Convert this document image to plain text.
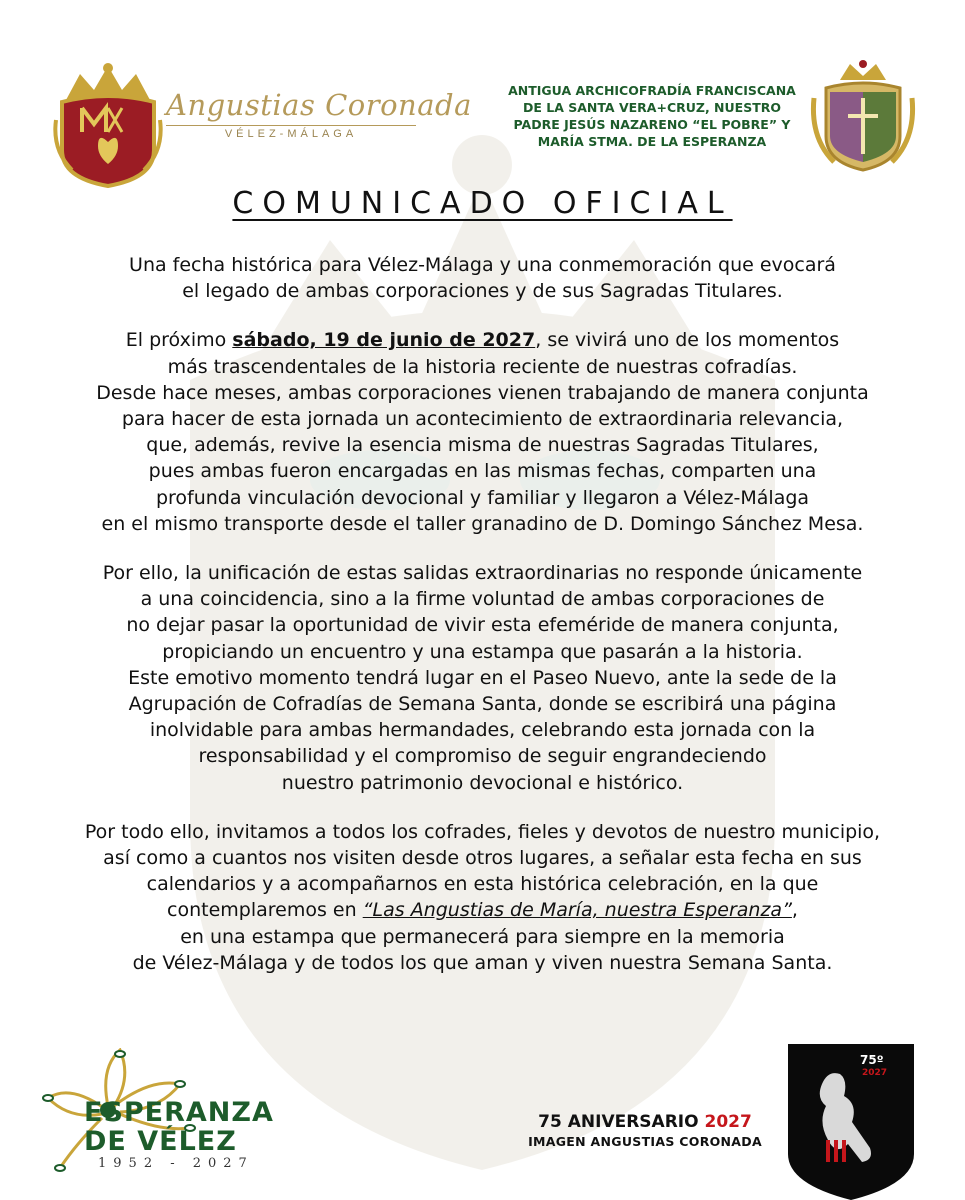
Angustias Coronada
VÉLEZ-MÁLAGA
ANTIGUA ARCHICOFRADÍA FRANCISCANA
DE LA SANTA VERA+CRUZ, NUESTRO
PADRE JESÚS NAZARENO “EL POBRE” Y
MARÍA STMA. DE LA ESPERANZA
COMUNICADO OFICIAL

Una fecha histórica para Vélez-Málaga y una conmemoración que evocará
el legado de ambas corporaciones y de sus Sagradas Titulares.

El próximo sábado, 19 de junio de 2027, se vivirá uno de los momentos
más trascendentales de la historia reciente de nuestras cofradías.
Desde hace meses, ambas corporaciones vienen trabajando de manera conjunta
para hacer de esta jornada un acontecimiento de extraordinaria relevancia,
que, además, revive la esencia misma de nuestras Sagradas Titulares,
pues ambas fueron encargadas en las mismas fechas, comparten una
profunda vinculación devocional y familiar y llegaron a Vélez-Málaga
en el mismo transporte desde el taller granadino de D. Domingo Sánchez Mesa.

Por ello, la unificación de estas salidas extraordinarias no responde únicamente
a una coincidencia, sino a la firme voluntad de ambas corporaciones de
no dejar pasar la oportunidad de vivir esta efeméride de manera conjunta,
propiciando un encuentro y una estampa que pasarán a la historia.
Este emotivo momento tendrá lugar en el Paseo Nuevo, ante la sede de la
Agrupación de Cofradías de Semana Santa, donde se escribirá una página
inolvidable para ambas hermandades, celebrando esta jornada con la
responsabilidad y el compromiso de seguir engrandeciendo
nuestro patrimonio devocional e histórico.

Por todo ello, invitamos a todos los cofrades, fieles y devotos de nuestro municipio,
así como a cuantos nos visiten desde otros lugares, a señalar esta fecha en sus
calendarios y a acompañarnos en esta histórica celebración, en la que
contemplaremos en “Las Angustias de María, nuestra Esperanza”,
en una estampa que permanecerá para siempre en la memoria
de Vélez-Málaga y de todos los que aman y viven nuestra Semana Santa.

ESPERANZA
DE VÉLEZ
1952 - 2027
75 ANIVERSARIO 2027
IMAGEN ANGUSTIAS CORONADA
75º
2027
